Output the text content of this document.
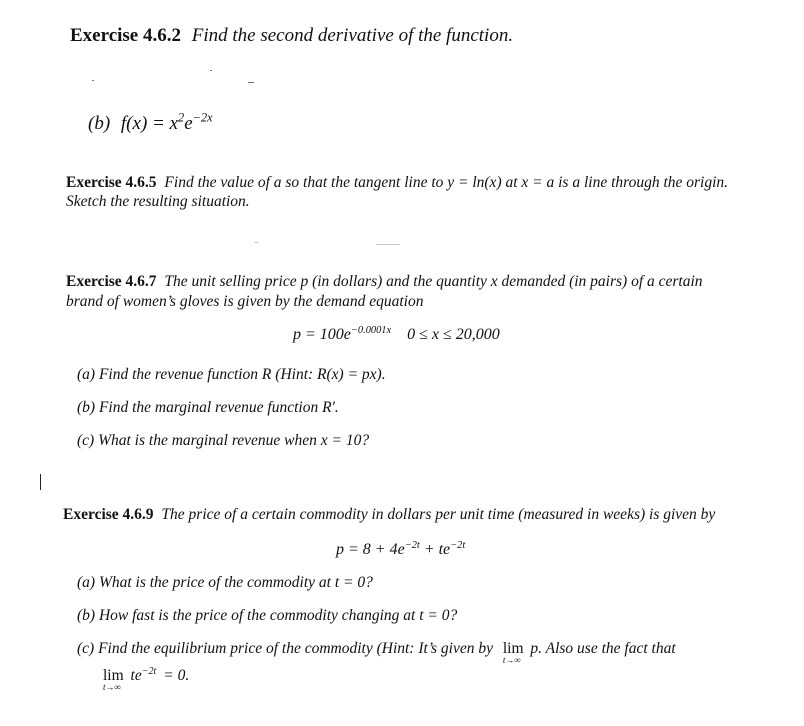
Exercise 4.6.2 Find the second derivative of the function.
(b) $f(x) = x^2e^{-2x}$
Exercise 4.6.5 Find the value of a so that the tangent line to y = ln(x) at x = a is a line through the origin.
Sketch the resulting situation.
Exercise 4.6.7 The unit selling price p (in dollars) and the quantity x demanded (in pairs) of a certain
brand of women’s gloves is given by the demand equation
$p = 100e^{-0.0001x}$ 0 ≤ x ≤ 20,000
(a) Find the revenue function R (Hint: R(x) = px).
(b) Find the marginal revenue function R′.
(c) What is the marginal revenue when x = 10?
Exercise 4.6.9 The price of a certain commodity in dollars per unit time (measured in weeks) is given by
$p = 8 + 4e^{-2t} + te^{-2t}$
(a) What is the price of the commodity at t = 0?
(b) How fast is the price of the commodity changing at t = 0?
(c) Find the equilibrium price of the commodity (Hint: It’s given by lim
t→∞
p. Also use the fact that
lim
t→∞
$te^{-2t} = 0$.
